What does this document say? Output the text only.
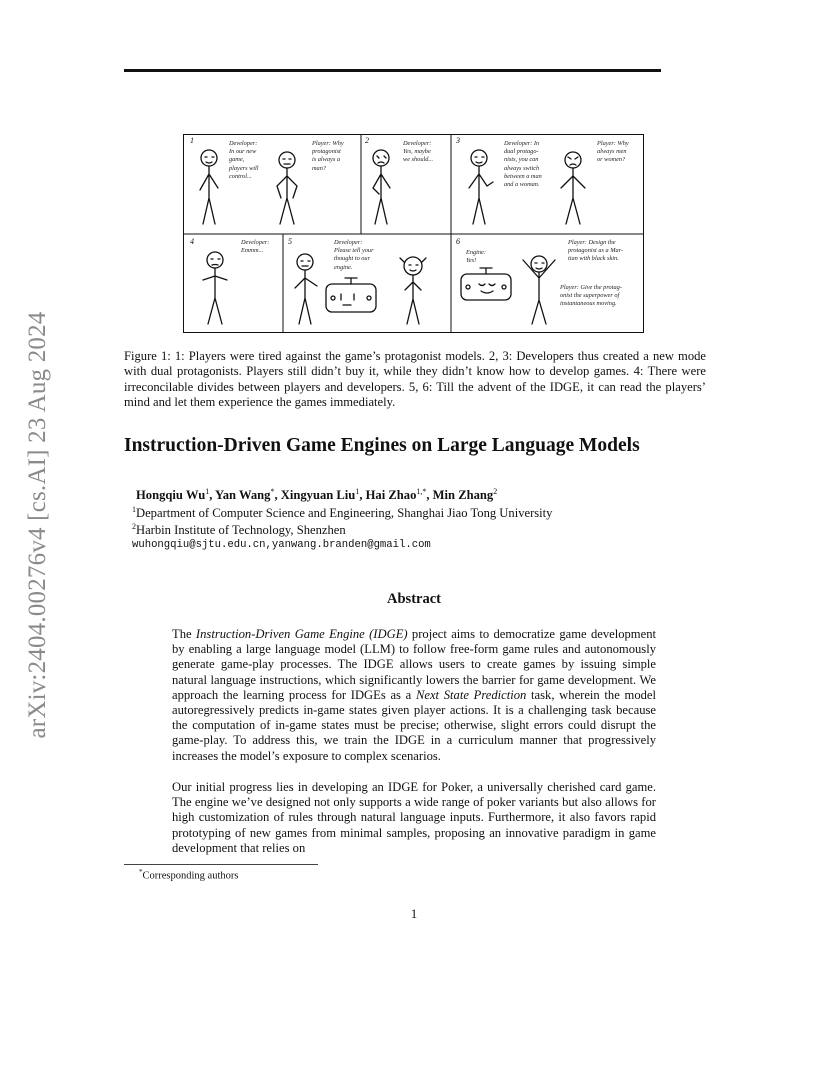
arXiv:2404.00276v4 [cs.AI] 23 Aug 2024
1	2	3
4	5	6
Developer:
In our new
game,
players will
control...
Player: Why
protagonist
is always a
man?
Developer:
Yes, maybe
we should...
Developer: In
dual protago-
nists, you can
always switch
between a man
and a woman.
Player: Why
always men
or women?
Developer:
Emmm...
Developer:
Please tell your
thought to our
engine.
Engine:
Yes!
Player: Design the
protagonist as a Mar-
tian with black skin.
Player: Give the protag-
onist the superpower of
instantaneous moving.
Figure 1: 1: Players were tired against the game’s protagonist models. 2, 3: Developers thus created a new mode with dual protagonists. Players still didn’t buy it, while they didn’t know how to develop games. 4: There were irreconcilable divides between players and developers. 5, 6: Till the advent of the IDGE, it can read the players’ mind and let them experience the games immediately.
Instruction-Driven Game Engines on Large Language Models
Hongqiu Wu$^1$, Yan Wang*, Xingyuan Liu$^1$, Hai Zhao$^{1,*}$, Min Zhang$^2$
$^1$Department of Computer Science and Engineering, Shanghai Jiao Tong University
$^2$Harbin Institute of Technology, Shenzhen
wuhongqiu@sjtu.edu.cn,yanwang.branden@gmail.com
Abstract

The Instruction-Driven Game Engine (IDGE) project aims to democratize game development by enabling a large language model (LLM) to follow free-form game rules and autonomously generate game-play processes. The IDGE allows users to create games by issuing simple natural language instructions, which significantly lowers the barrier for game development. We approach the learning process for IDGEs as a Next State Prediction task, wherein the model autoregressively predicts in-game states given player actions. It is a challenging task because the computation of in-game states must be precise; otherwise, slight errors could disrupt the game-play. To address this, we train the IDGE in a curriculum manner that progressively increases the model’s exposure to complex scenarios.

Our initial progress lies in developing an IDGE for Poker, a universally cherished card game. The engine we’ve designed not only supports a wide range of poker variants but also allows for high customization of rules through natural language inputs. Furthermore, it also favors rapid prototyping of new games from minimal samples, proposing an innovative paradigm in game development that relies on

*Corresponding authors
1
